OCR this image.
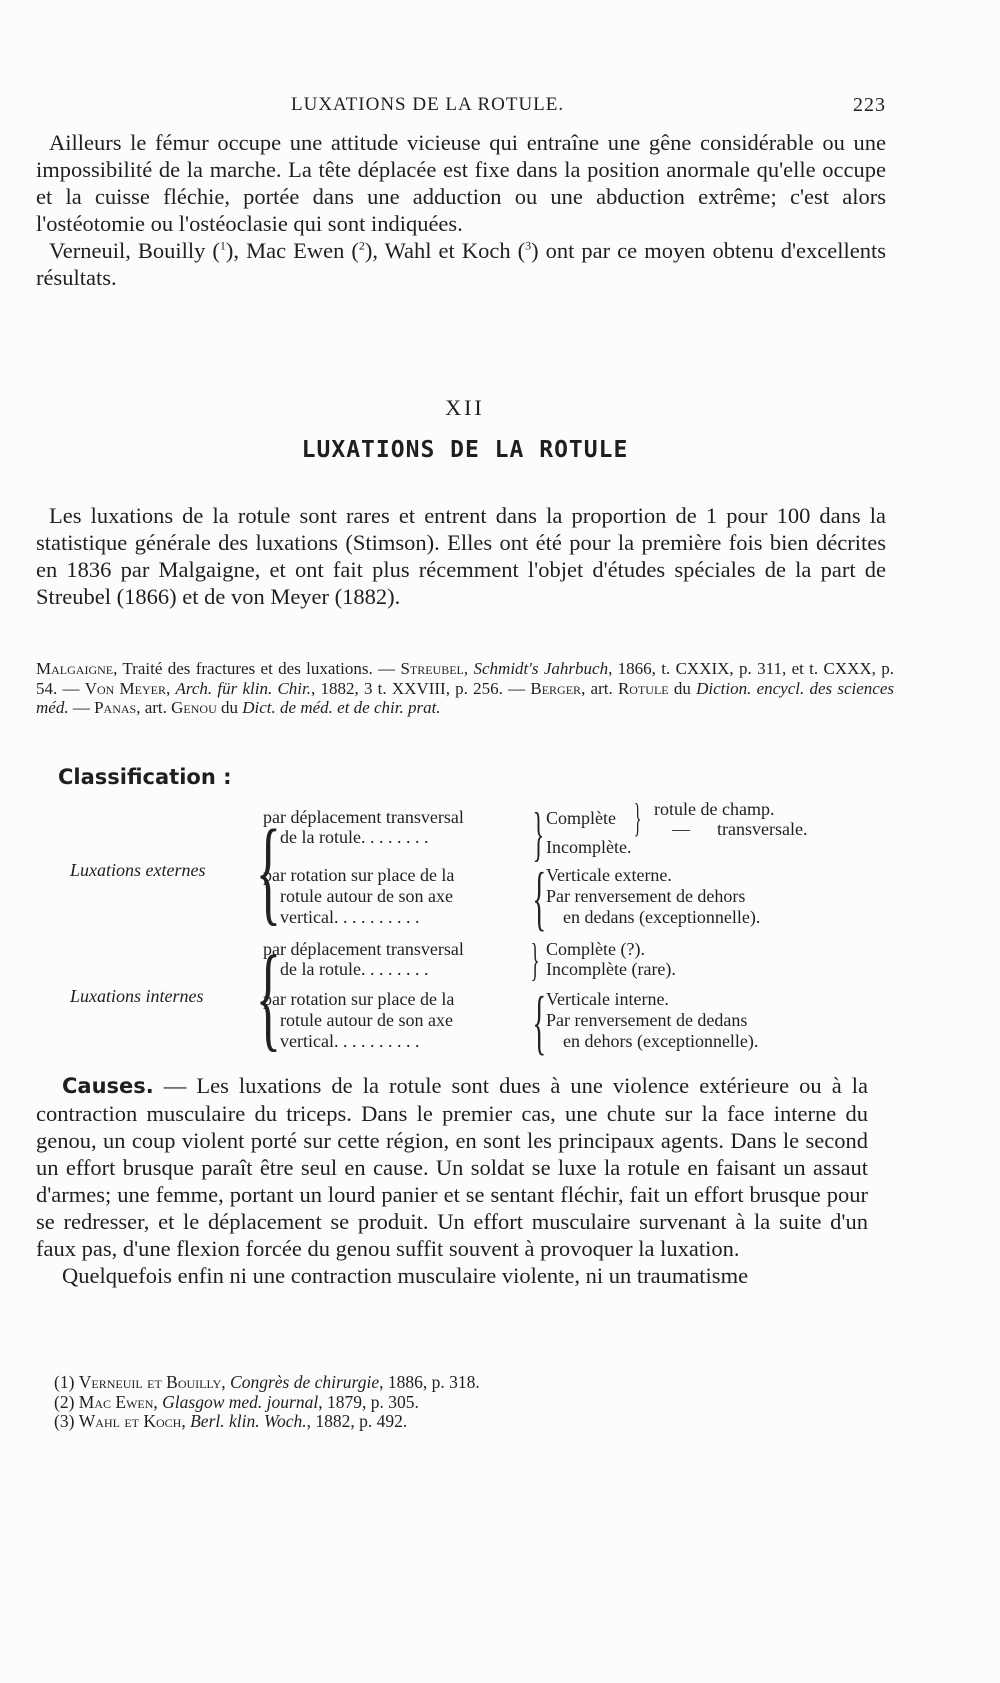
LUXATIONS DE LA ROTULE.	223

Ailleurs le fémur occupe une attitude vicieuse qui entraîne une gêne considérable ou une impossibilité de la marche. La tête déplacée est fixe dans la position anormale qu'elle occupe et la cuisse fléchie, portée dans une adduction ou une abduction extrême; c'est alors l'ostéotomie ou l'ostéoclasie qui sont indiquées.

Verneuil, Bouilly ($^1$), Mac Ewen ($^2$), Wahl et Koch ($^3$) ont par ce moyen obtenu d'excellents résultats.

XII
LUXATIONS DE LA ROTULE

Les luxations de la rotule sont rares et entrent dans la proportion de 1 pour 100 dans la statistique générale des luxations (Stimson). Elles ont été pour la première fois bien décrites en 1836 par Malgaigne, et ont fait plus récemment l'objet d'études spéciales de la part de Streubel (1866) et de von Meyer (1882).

Malgaigne, Traité des fractures et des luxations. — Streubel, Schmidt's Jahrbuch, 1866, t. CXXIX, p. 311, et t. CXXX, p. 54. — Von Meyer, Arch. für klin. Chir., 1882, 3 t. XXVIII, p. 256. — Berger, art. Rotule du Diction. encycl. des sciences méd. — Panas, art. Genou du Dict. de méd. et de chir. prat.
Classification :
Luxations externes {
par déplacement transversal
de la rotule. . . . . . . . } Complète } rotule de champ.
— transversale.
Incomplète.
par rotation sur place de la
rotule autour de son axe
vertical. . . . . . . . . . { Verticale externe.
Par renversement de dehors
en dedans (exceptionnelle).
Luxations internes {
par déplacement transversal
de la rotule. . . . . . . . } Complète (?).
Incomplète (rare).
par rotation sur place de la
rotule autour de son axe
vertical. . . . . . . . . . { Verticale interne.
Par renversement de dedans
en dehors (exceptionnelle).

Causes. — Les luxations de la rotule sont dues à une violence extérieure ou à la contraction musculaire du triceps. Dans le premier cas, une chute sur la face interne du genou, un coup violent porté sur cette région, en sont les principaux agents. Dans le second un effort brusque paraît être seul en cause. Un soldat se luxe la rotule en faisant un assaut d'armes; une femme, portant un lourd panier et se sentant fléchir, fait un effort brusque pour se redresser, et le déplacement se produit. Un effort musculaire survenant à la suite d'un faux pas, d'une flexion forcée du genou suffit souvent à provoquer la luxation.

Quelquefois enfin ni une contraction musculaire violente, ni un traumatisme

(1) Verneuil et Bouilly, Congrès de chirurgie, 1886, p. 318.
(2) Mac Ewen, Glasgow med. journal, 1879, p. 305.
(3) Wahl et Koch, Berl. klin. Woch., 1882, p. 492.
